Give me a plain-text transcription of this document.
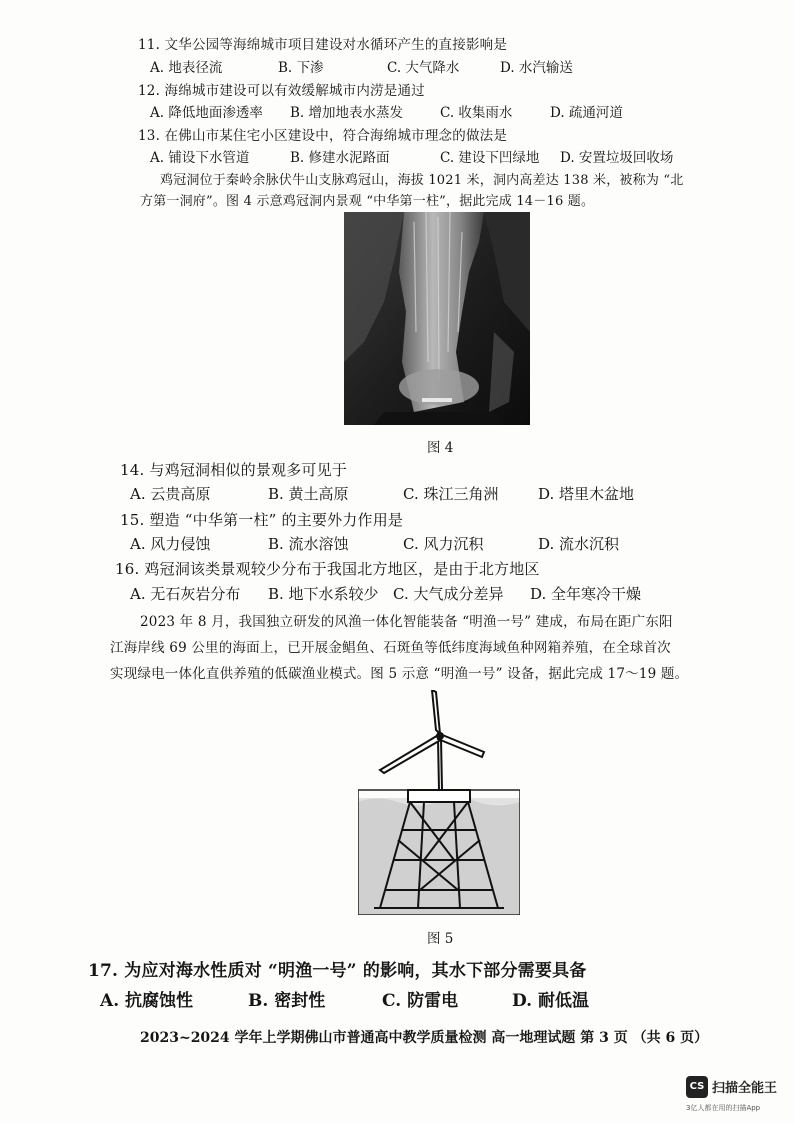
11. 文华公园等海绵城市项目建设对水循环产生的直接影响是
A. 地表径流	B. 下渗	C. 大气降水	D. 水汽输送
12. 海绵城市建设可以有效缓解城市内涝是通过
A. 降低地面渗透率 B. 增加地表水蒸发	C. 收集雨水	D. 疏通河道
13. 在佛山市某住宅小区建设中，符合海绵城市理念的做法是
A. 铺设下水管道	B. 修建水泥路面	C. 建设下凹绿地 D. 安置垃圾回收场
鸡冠洞位于秦岭余脉伏牛山支脉鸡冠山，海拔 1021 米，洞内高差达 138 米，被称为 “北
方第一洞府”。图 4 示意鸡冠洞内景观 “中华第一柱”，据此完成 14－16 题。
图 4
14. 与鸡冠洞相似的景观多可见于
A. 云贵高原	B. 黄土高原	C. 珠江三角洲	D. 塔里木盆地
15. 塑造 “中华第一柱” 的主要外力作用是
A. 风力侵蚀	B. 流水溶蚀	C. 风力沉积	D. 流水沉积
16. 鸡冠洞该类景观较少分布于我国北方地区，是由于北方地区
A. 无石灰岩分布 B. 地下水系较少 C. 大气成分差异 D. 全年寒冷干燥
2023 年 8 月，我国独立研发的风渔一体化智能装备 “明渔一号” 建成，布局在距广东阳
江海岸线 69 公里的海面上，已开展金鲳鱼、石斑鱼等低纬度海域鱼种网箱养殖，在全球首次
实现绿电一体化直供养殖的低碳渔业模式。图 5 示意 “明渔一号” 设备，据此完成 17～19 题。
图 5
17. 为应对海水性质对 “明渔一号” 的影响，其水下部分需要具备
A. 抗腐蚀性	B. 密封性	C. 防雷电	D. 耐低温
2023~2024 学年上学期佛山市普通高中教学质量检测 高一地理试题 第 3 页 （共 6 页）
CS 扫描全能王
3亿人都在用的扫描App
